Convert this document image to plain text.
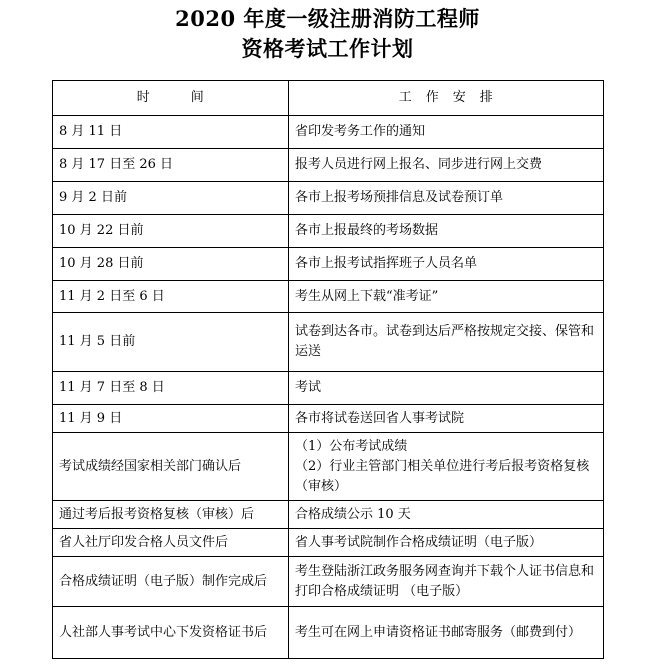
2020 年度一级注册消防工程师
资格考试工作计划
时　　　间	工　作　安　排
8 月 11 日	省印发考务工作的通知

8 月 17 日至 26 日	报考人员进行网上报名、同步进行网上交费

9 月 2 日前	各市上报考场预排信息及试卷预订单

10 月 22 日前	各市上报最终的考场数据

10 月 28 日前	各市上报考试指挥班子人员名单

11 月 2 日至 6 日	考生从网上下载“准考证”

11 月 5 日前	试卷到达各市。试卷到达后严格按规定交接、保管和运送

11 月 7 日至 8 日	考试

11 月 9 日	各市将试卷送回省人事考试院

考试成绩经国家相关部门确认后	（1）公布考试成绩
（2）行业主管部门相关单位进行考后报考资格复核（审核）

通过考后报考资格复核（审核）后	合格成绩公示 10 天

省人社厅印发合格人员文件后	省人事考试院制作合格成绩证明（电子版）

合格成绩证明（电子版）制作完成后	考生登陆浙江政务服务网查询并下载个人证书信息和打印合格成绩证明 （电子版）

人社部人事考试中心下发资格证书后	考生可在网上申请资格证书邮寄服务（邮费到付）
